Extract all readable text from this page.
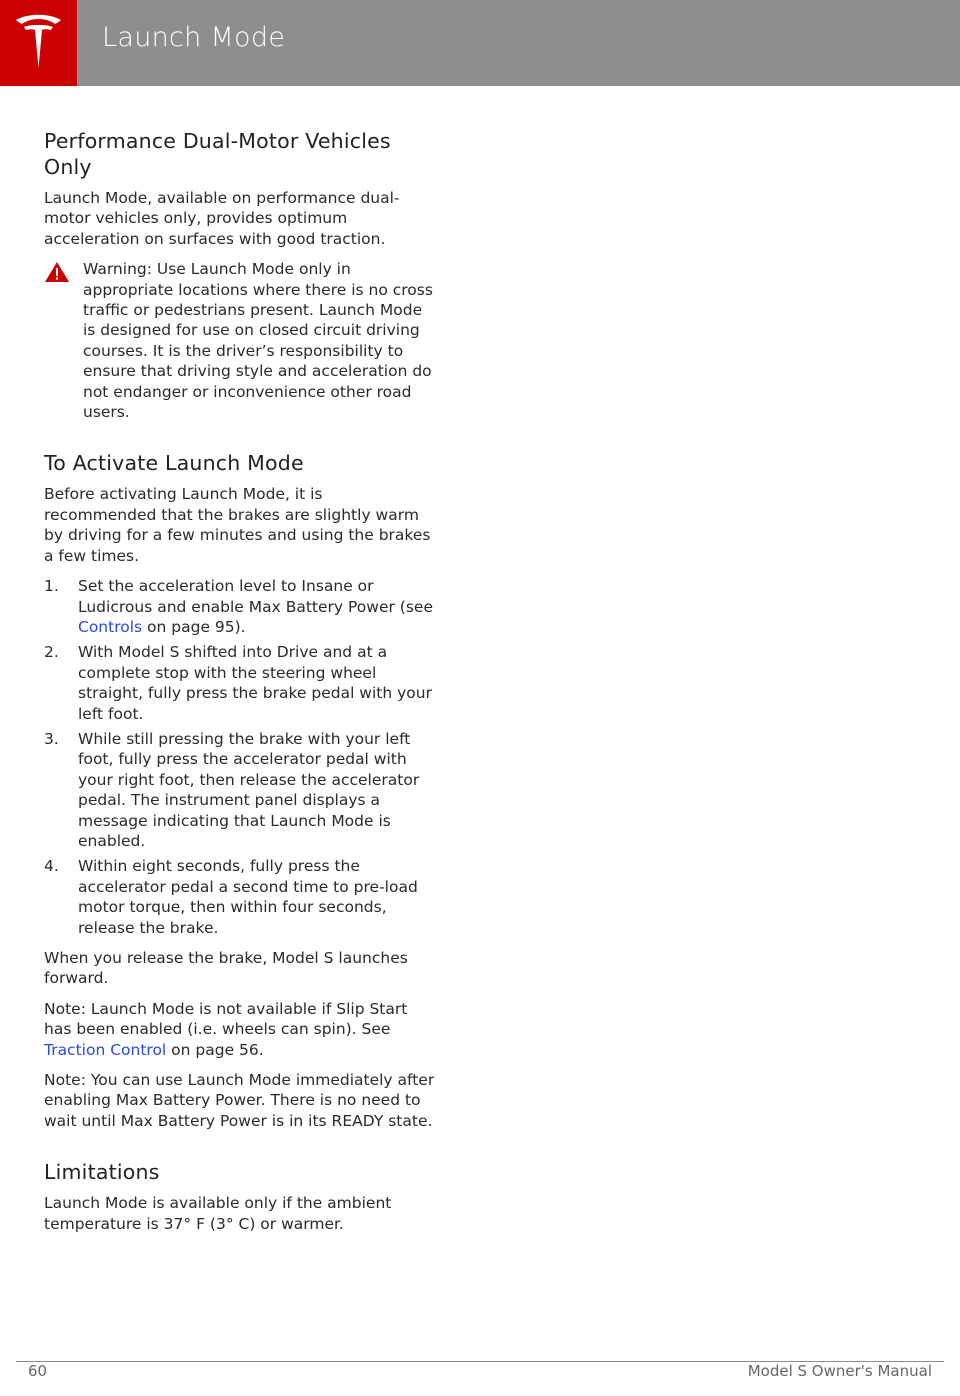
Launch Mode
Performance Dual-Motor Vehicles Only

Launch Mode, available on performance dual-motor vehicles only, provides optimum acceleration on surfaces with good traction.

Warning: Use Launch Mode only in appropriate locations where there is no cross traffic or pedestrians present. Launch Mode is designed for use on closed circuit driving courses. It is the driver’s responsibility to ensure that driving style and acceleration do not endanger or inconvenience other road users.
To Activate Launch Mode

Before activating Launch Mode, it is recommended that the brakes are slightly warm by driving for a few minutes and using the brakes a few times.

1. Set the acceleration level to Insane or Ludicrous and enable Max Battery Power (see Controls on page 95).
2. With Model S shifted into Drive and at a complete stop with the steering wheel straight, fully press the brake pedal with your left foot.
3. While still pressing the brake with your left foot, fully press the accelerator pedal with your right foot, then release the accelerator pedal. The instrument panel displays a message indicating that Launch Mode is enabled.
4. Within eight seconds, fully press the accelerator pedal a second time to pre-load motor torque, then within four seconds, release the brake.

When you release the brake, Model S launches forward.

Note: Launch Mode is not available if Slip Start has been enabled (i.e. wheels can spin). See Traction Control on page 56.

Note: You can use Launch Mode immediately after enabling Max Battery Power. There is no need to wait until Max Battery Power is in its READY state.

Limitations

Launch Mode is available only if the ambient temperature is 37° F (3° C) or warmer.

60	Model S Owner's Manual
